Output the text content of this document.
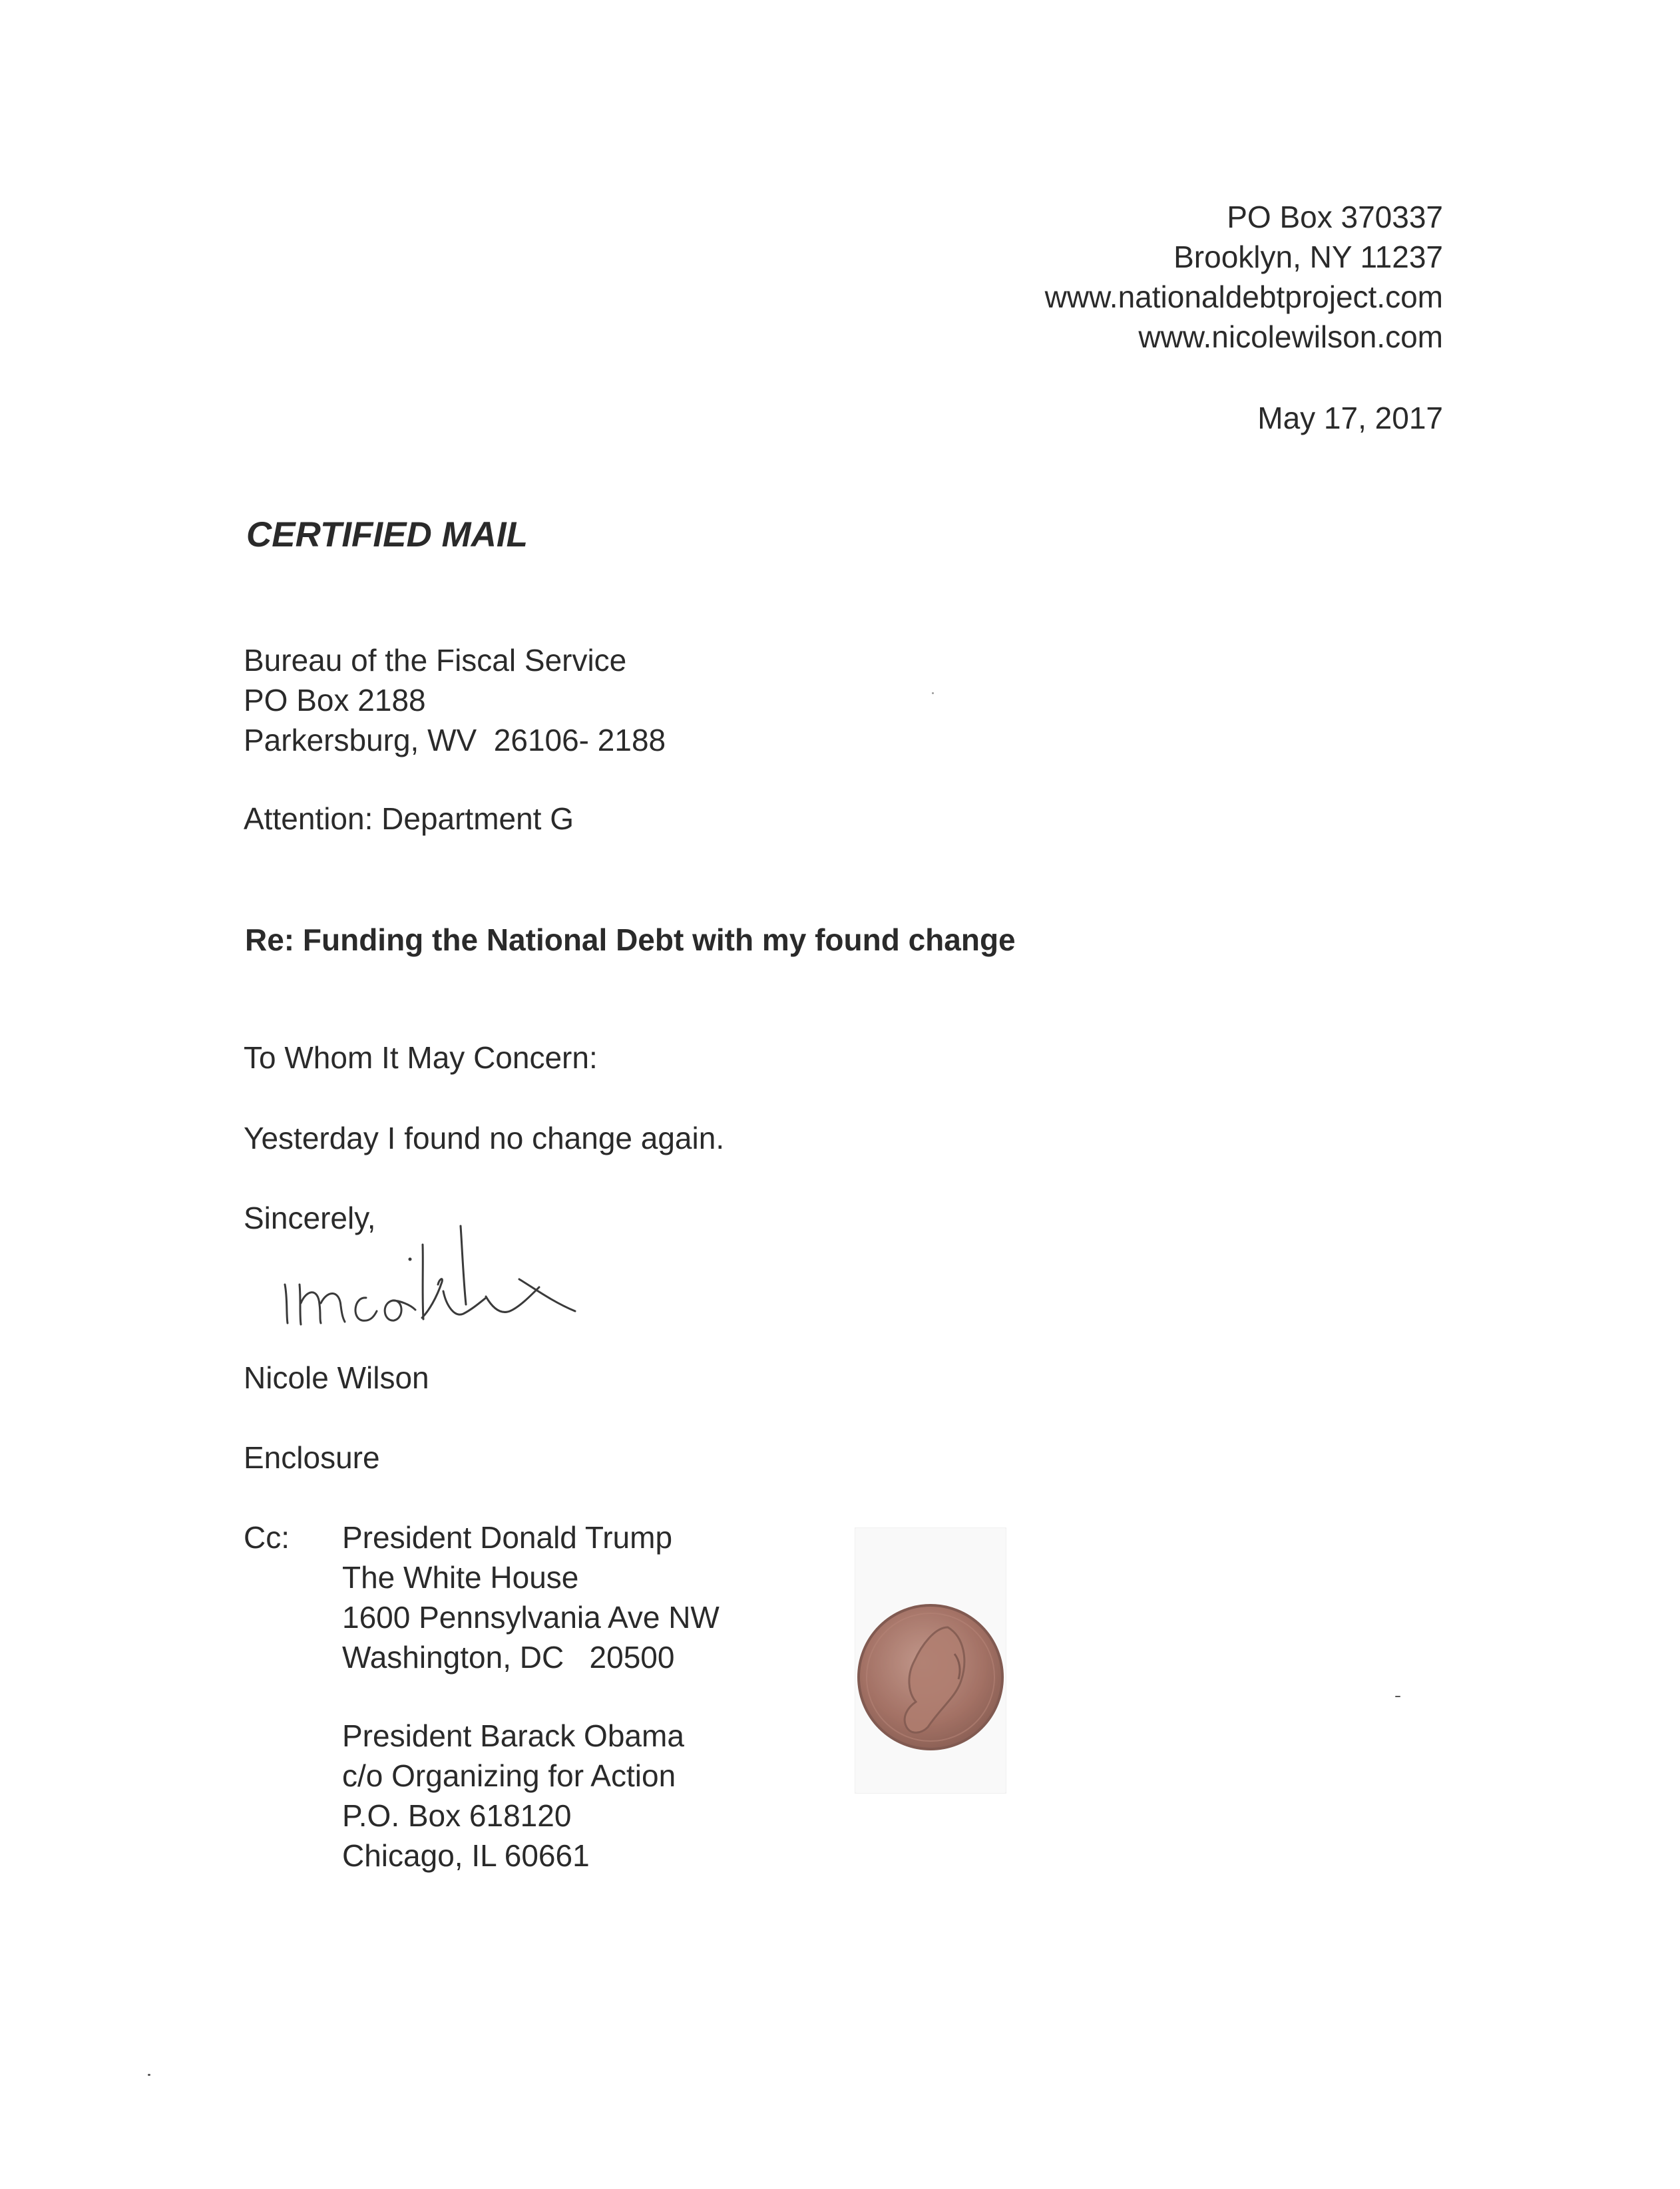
PO Box 370337
Brooklyn, NY 11237
www.nationaldebtproject.com
www.nicolewilson.com
May 17, 2017
CERTIFIED MAIL
Bureau of the Fiscal Service
PO Box 2188
Parkersburg, WV  26106- 2188
Attention: Department G
Re: Funding the National Debt with my found change
To Whom It May Concern:
Yesterday I found no change again.
Sincerely,
Nicole Wilson
Enclosure
Cc: President Donald Trump
The White House
1600 Pennsylvania Ave NW
Washington, DC   20500
President Barack Obama
c/o Organizing for Action
P.O. Box 618120
Chicago, IL 60661
